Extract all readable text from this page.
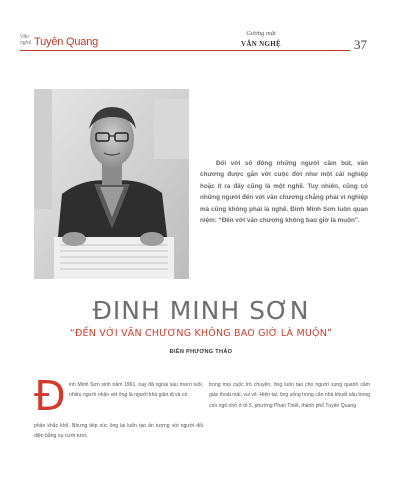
Văn nghệ Tuyên Quang
Gương mặt
VĂN NGHỆ	37
Đối với số đông những người cầm bút, văn chương được gắn với cuộc đời như một cái nghiệp hoặc ít ra đấy cũng là một nghề. Tuy nhiên, cũng có những người đến với văn chương chẳng phải vì nghiệp mà cũng không phải là nghề. Đinh Minh Sơn luôn quan niệm: “Đến với văn chương không bao giờ là muộn”.
ĐINH MINH SƠN
“ĐẾN VỚI VĂN CHƯƠNG KHÔNG BAO GIỜ LÀ MUỘN”
ĐIỀN PHƯƠNG THẢO
Đ inh Minh Sơn sinh năm 1961, nay đã ngoài sáu mươi tuổi, nhiều người nhận xét ông là người khá giản dị và có
phần khắc khổ. Nhưng tiếp xúc ông lại luôn tạo ấn tượng với người đối diện bằng nụ cười tươi,
trong mọi cuộc trò chuyện, ông luôn tạo cho người xung quanh cảm giác thoải mái, vui vẻ. Hiện tại, ông sống trong căn nhà khuất sâu trong con ngõ nhỏ ở tổ 5, phường Phan Thiết, thành phố Tuyên Quang.
